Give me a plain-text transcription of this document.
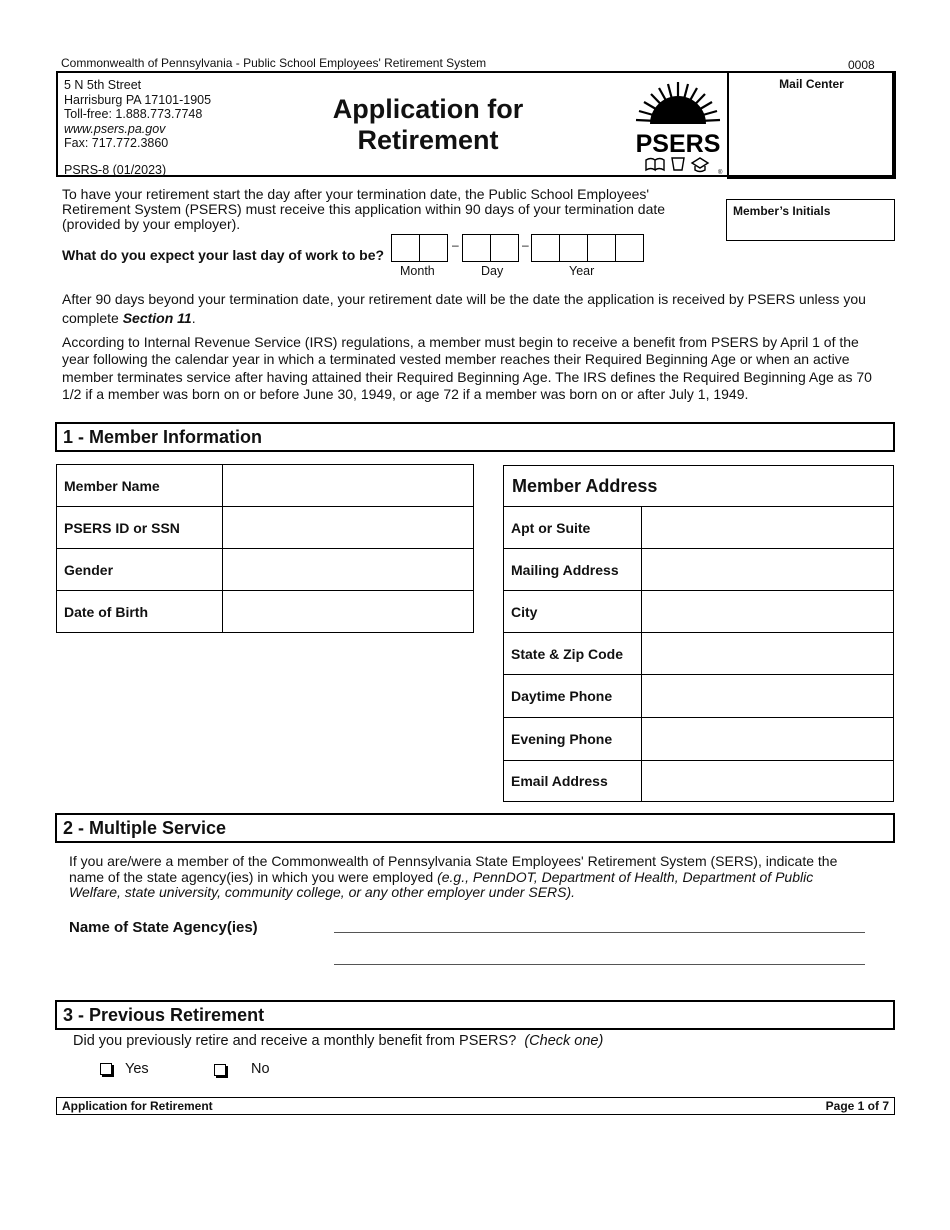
Commonwealth of Pennsylvania - Public School Employees' Retirement System	0008
Mail Center
5 N 5th Street
Harrisburg PA 17101-1905
Toll-free: 1.888.773.7748
www.psers.pa.gov
Fax: 717.772.3860
PSRS-8 (01/2023)
Application for
Retirement	PSERS
®
Member’s Initials
To have your retirement start the day after your termination date, the Public School Employees' Retirement System (PSERS) must receive this application within 90 days of your termination date (provided by your employer).
What do you expect your last day of work to be?
–	–
Month	Day	Year
After 90 days beyond your termination date, your retirement date will be the date the application is received by PSERS unless you complete Section 11.
According to Internal Revenue Service (IRS) regulations, a member must begin to receive a benefit from PSERS by April 1 of the year following the calendar year in which a terminated vested member reaches their Required Beginning Age or when an active member terminates service after having attained their Required Beginning Age. The IRS defines the Required Beginning Age as 70 1/2 if a member was born on or before June 30, 1949, or age 72 if a member was born on or after July 1, 1949.
1 - Member Information
Member Name	
PSERS ID or SSN	
Gender	
Date of Birth	
Member Address	
Apt or Suite	
Mailing Address	
City	
State & Zip Code	
Daytime Phone	
Evening Phone	
Email Address	
2 - Multiple Service
If you are/were a member of the Commonwealth of Pennsylvania State Employees' Retirement System (SERS), indicate the name of the state agency(ies) in which you were employed (e.g., PennDOT, Department of Health, Department of Public Welfare, state university, community college, or any other employer under SERS).
Name of State Agency(ies)
3 - Previous Retirement
Did you previously retire and receive a monthly benefit from PSERS? (Check one)
Yes	No
Application for Retirement	Page 1 of 7
